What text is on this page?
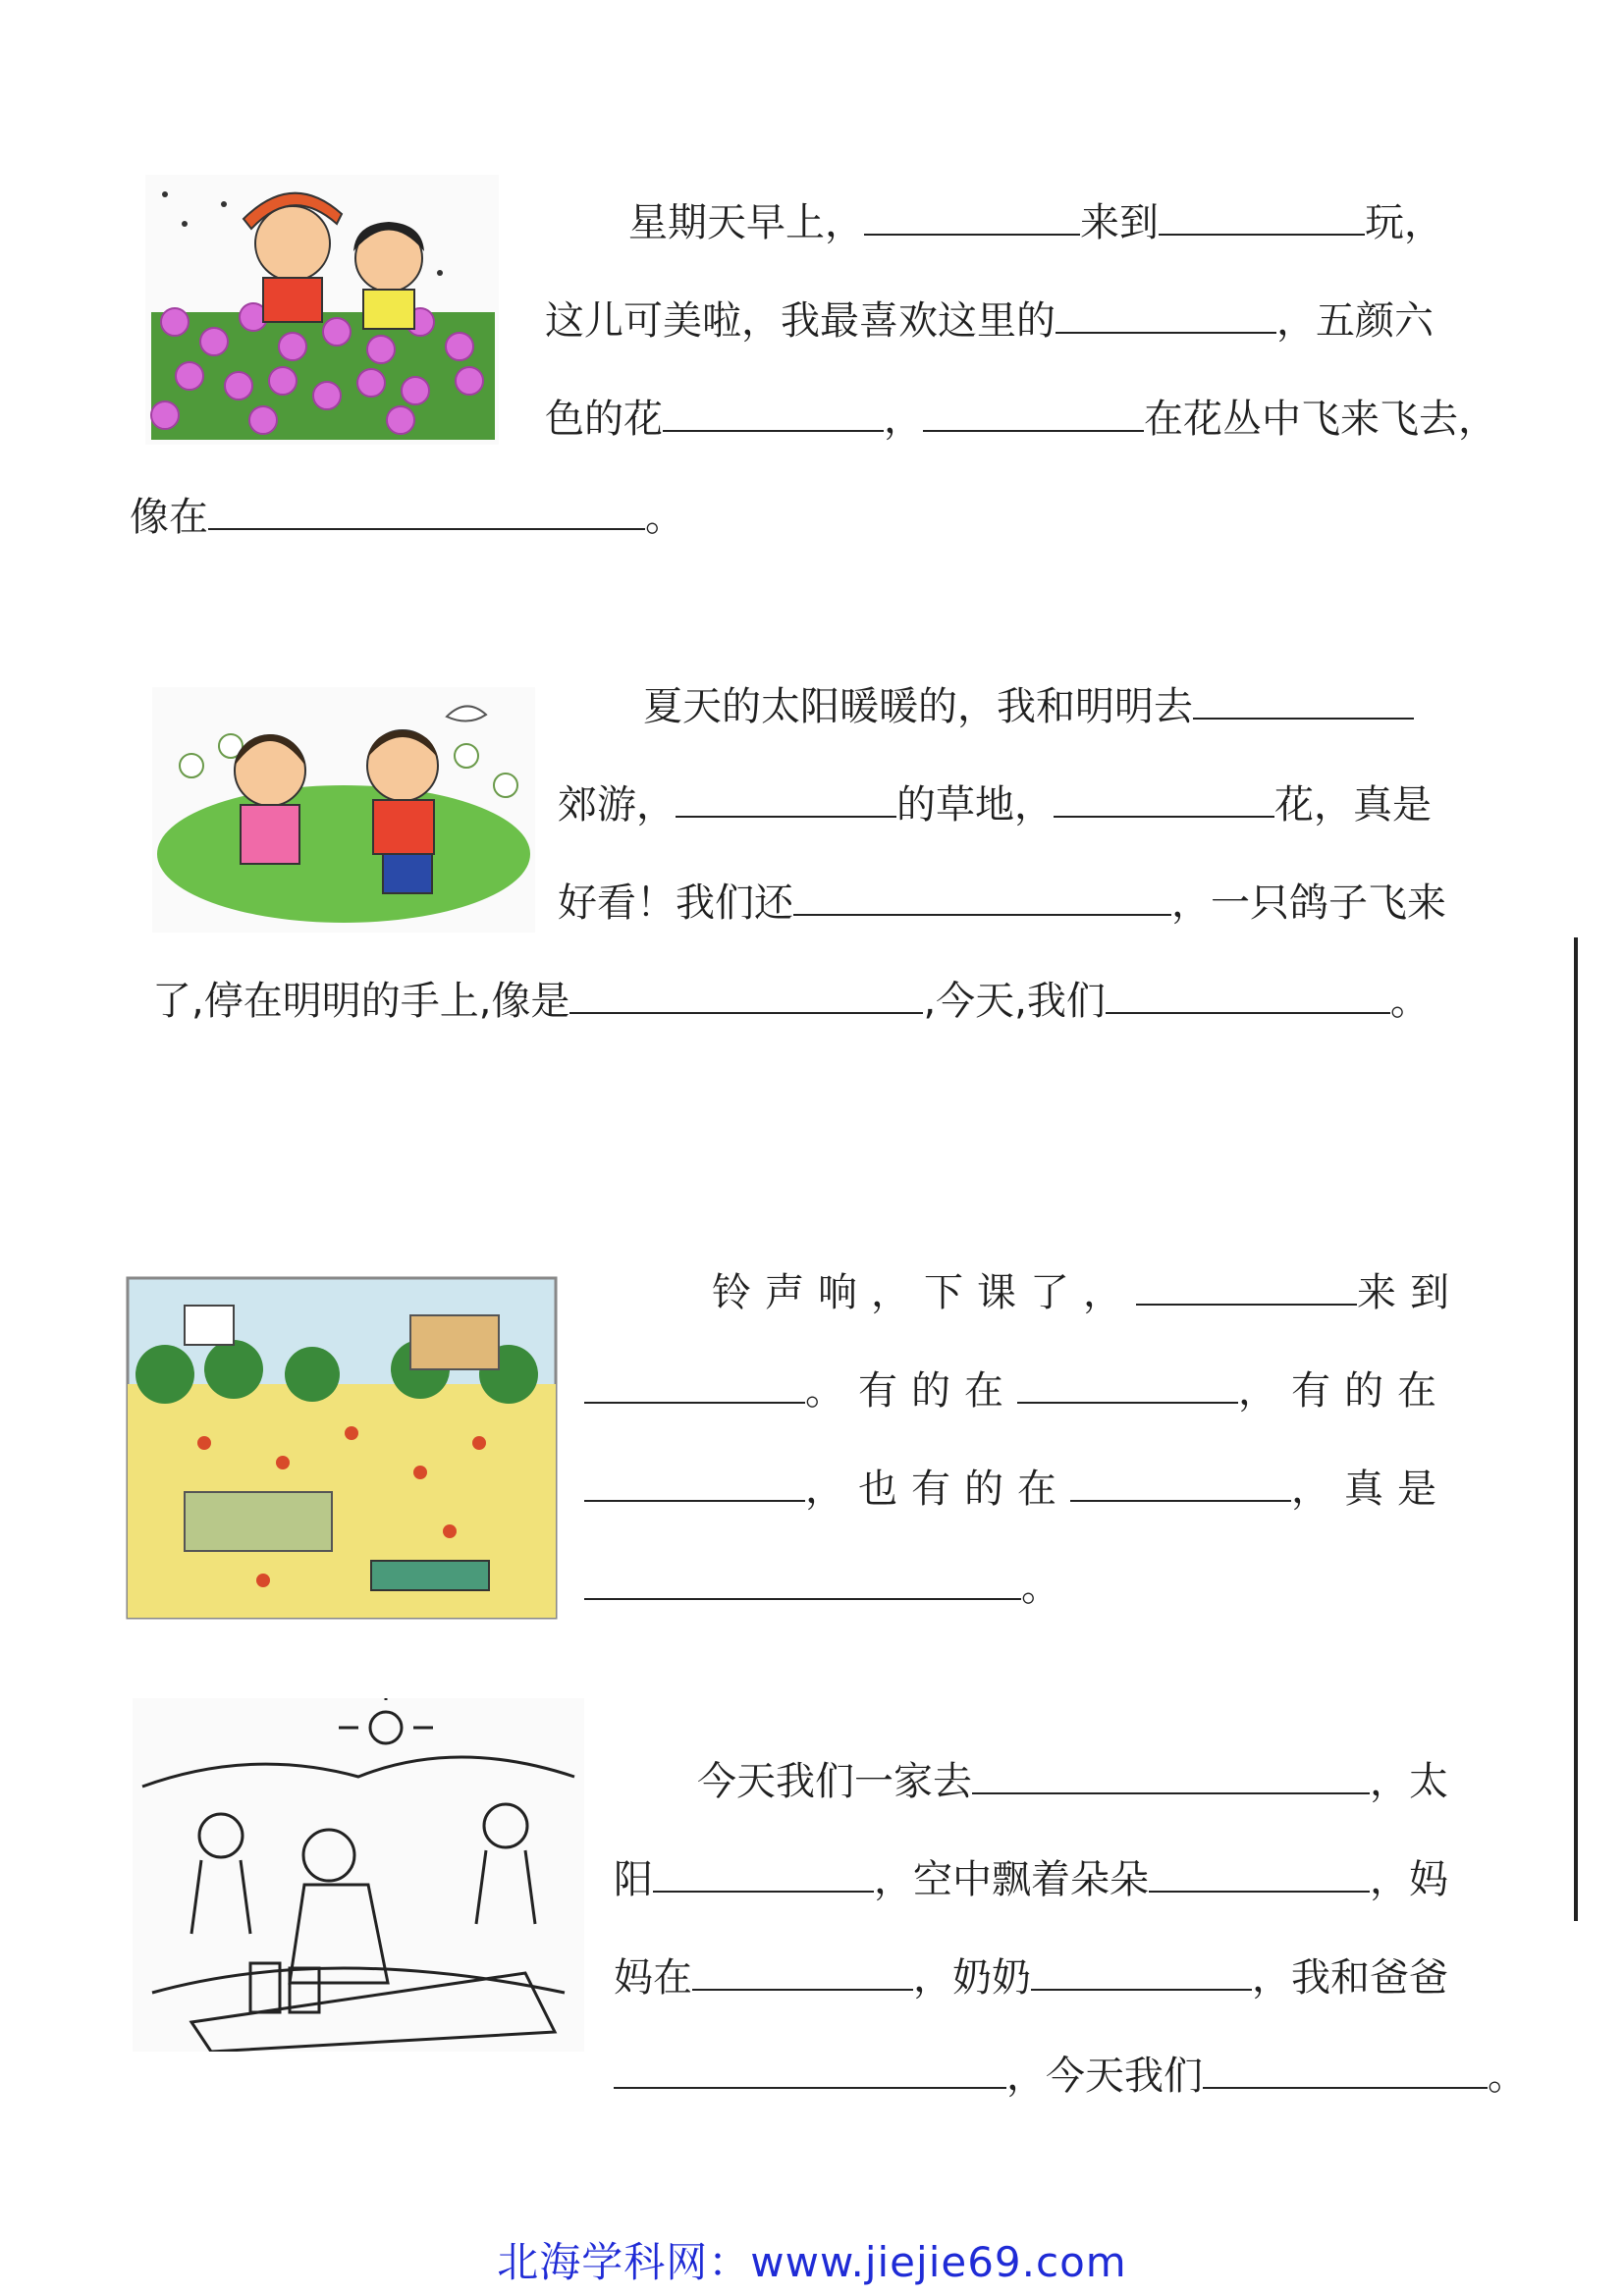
星期天早上，	来到	玩，
这儿可美啦，我最喜欢这里的	，五颜六
色的花	，	在花丛中飞来飞去，
像在	。
夏天的太阳暖暖的，我和明明去
郊游，	的草地，	花，真是
好看！我们还	，一只鸽子飞来
了,停在明明的手上,像是	,今天,我们	。
铃声响，下课了，	来到
。有的在	，有的在
，也有的在	，真是
。
今天我们一家去	，太
阳	，空中飘着朵朵	，妈
妈在	，奶奶	，我和爸爸
，今天我们	。
北海学科网：www.jiejie69.com
